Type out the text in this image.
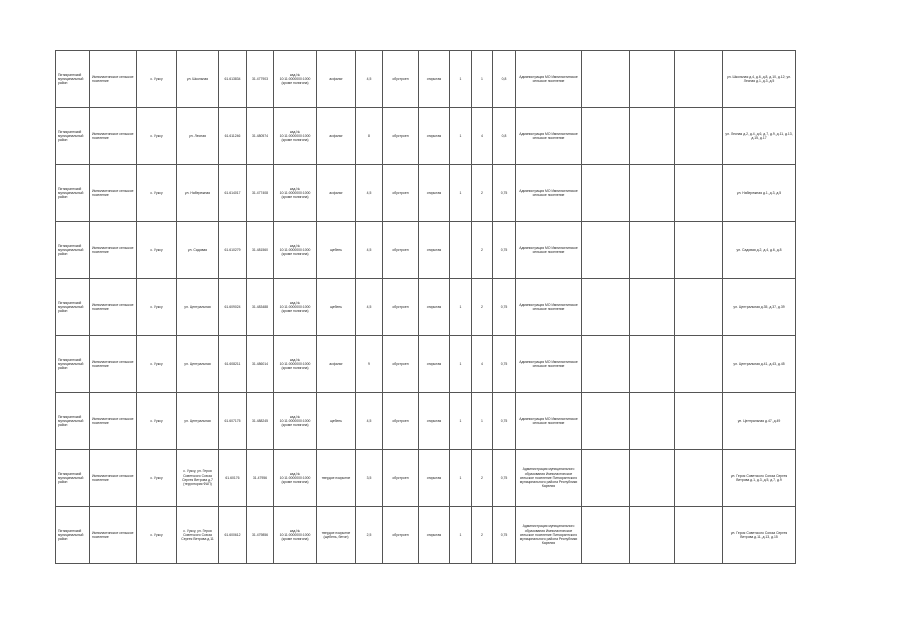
Питкярантский муниципальный район	Импилахтинское сельское поселение	с. Ууксу	ул. Школьная	61.613834	31.477903	кад.№ 10:11:0000000:1000 (кроме полигона)	асфальт	4,5	обустроен	открытая	1	1	0,8	Администрация МО Импилахтинское сельское поселение				ул. Школьная д.4, д.6, д.8, д.10, д.12; ул. Лесная д.1, д.3, д.5
Питкярантский муниципальный район	Импилахтинское сельское поселение	с. Ууксу	ул. Лесная	61.611246	31.480574	кад.№ 10:11:0000000:1000 (кроме полигона)	асфальт	8	обустроен	открытая	1	4	0,8	Администрация МО Импилахтинское сельское поселение				ул. Лесная д.2, д.4, д.6, д.7, д.9, д.11, д.13, д.15, д.17
Питкярантский муниципальный район	Импилахтинское сельское поселение	с. Ууксу	ул. Набережная	61.614017	31.477408	кад.№ 10:11:0000000:1000 (кроме полигона)	асфальт	4,5	обустроен	открытая	1	2	0,75	Администрация МО Импилахтинское сельское поселение				ул. Набережная д.1, д.3, д.5
Питкярантский муниципальный район	Импилахтинское сельское поселение	с. Ууксу	ул. Садовая	61.610279	31.481560	кад.№ 10:11:0000000:1000 (кроме полигона)	щебень	4,5	обустроен	открытая		2	0,75	Администрация МО Импилахтинское сельское поселение				ул. Садовая д.2, д.4, д.6, д.8
Питкярантский муниципальный район	Импилахтинское сельское поселение	с. Ууксу	ул. Центральная	61.609024	31.483488	кад.№ 10:11:0000000:1000 (кроме полигона)	щебень	4,5	обустроен	открытая	1	2	0,75	Администрация МО Импилахтинское сельское поселение				ул. Центральная д.35, д.37, д.39
Питкярантский муниципальный район	Импилахтинское сельское поселение	с. Ууксу	ул. Центральная	61.608211	31.486014	кад.№ 10:11:0000000:1000 (кроме полигона)	асфальт	9	обустроен	открытая	1	4	0,75	Администрация МО Импилахтинское сельское поселение				ул. Центральная д.41, д.43, д.45
Питкярантский муниципальный район	Импилахтинское сельское поселение	с. Ууксу	ул. Центральная	61.607175	31.488245	кад.№ 10:11:0000000:1000 (кроме полигона)	щебень	4,5	обустроен	открытая	1	1	0,75	Администрация МО Импилахтинское сельское поселение				ул. Центральная д.47, д.49
Питкярантский муниципальный район	Импилахтинское сельское поселение	с. Ууксу	с. Ууксу, ул. Героя Советского Союза Сергея Ветрова д.7 (территория ФАП)	61.60176	31.47956	кад.№ 10:11:0000000:1000 (кроме полигона)	твердое покрытие	3,5	обустроен	открытая	1	2	0,75	Администрация муниципального образования Импилахтинское сельское поселение Питкярантского муниципального района Республики Карелия				ул. Героя Советского Союза Сергея Ветрова д.1, д.3, д.5, д.7, д.9
Питкярантский муниципальный район	Импилахтинское сельское поселение	с. Ууксу	с. Ууксу, ул. Героя Советского Союза Сергея Ветрова д.11	61.600612	31.479856	кад.№ 10:11:0000000:1000 (кроме полигона)	твердое покрытие (щебень, бетон)	2,5	обустроен	открытая	1	2	0,75	Администрация муниципального образования Импилахтинское сельское поселение Питкярантского муниципального района Республики Карелия				ул. Героя Советского Союза Сергея Ветрова д.11, д.13, д.15
